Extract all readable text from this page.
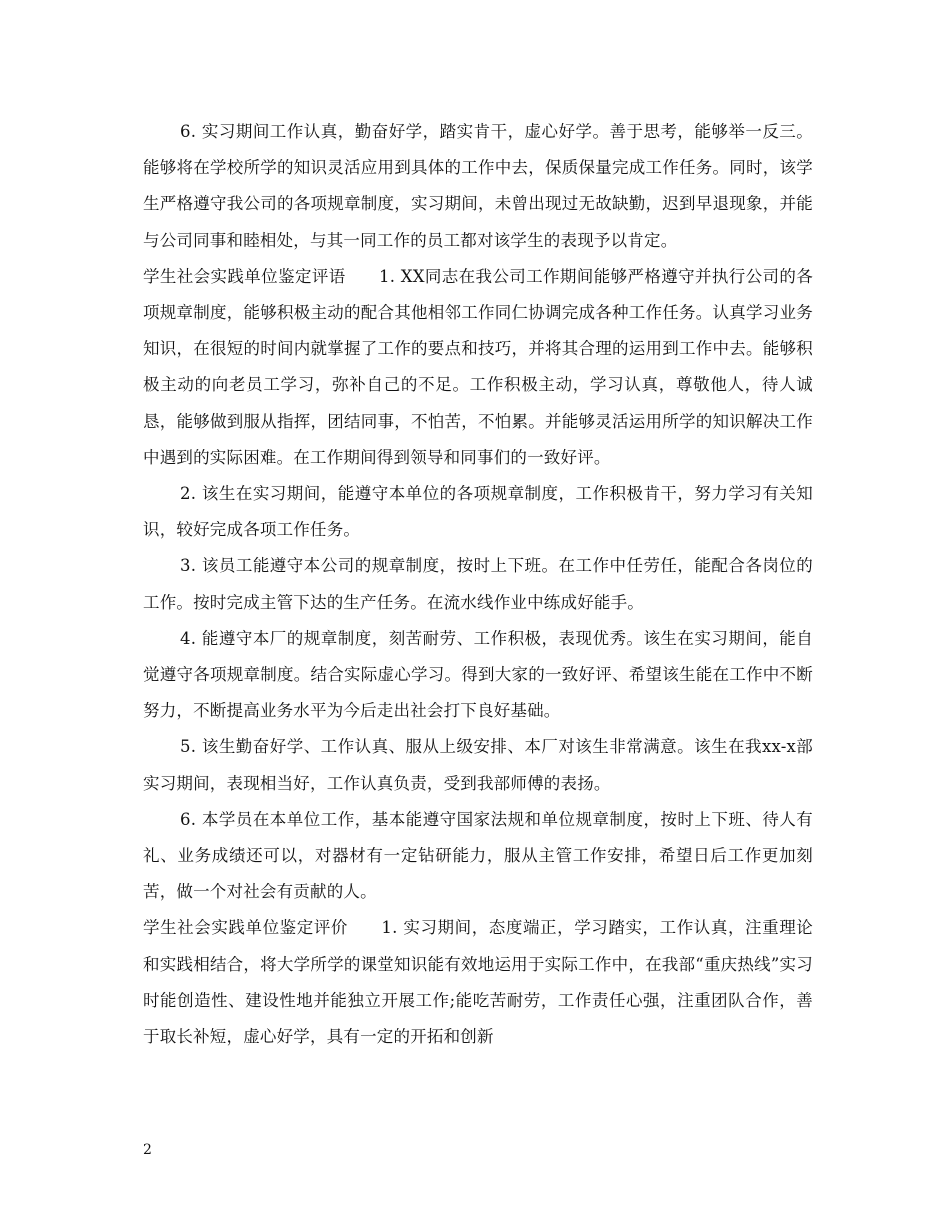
6. 实习期间工作认真，勤奋好学，踏实肯干，虚心好学。善于思考，能够举一反三。能够将在学校所学的知识灵活应用到具体的工作中去，保质保量完成工作任务。同时，该学生严格遵守我公司的各项规章制度，实习期间，未曾出现过无故缺勤，迟到早退现象，并能与公司同事和睦相处，与其一同工作的员工都对该学生的表现予以肯定。

学生社会实践单位鉴定评语   1. XX同志在我公司工作期间能够严格遵守并执行公司的各项规章制度，能够积极主动的配合其他相邻工作同仁协调完成各种工作任务。认真学习业务知识，在很短的时间内就掌握了工作的要点和技巧，并将其合理的运用到工作中去。能够积极主动的向老员工学习，弥补自己的不足。工作积极主动，学习认真，尊敬他人，待人诚恳，能够做到服从指挥，团结同事，不怕苦，不怕累。并能够灵活运用所学的知识解决工作中遇到的实际困难。在工作期间得到领导和同事们的一致好评。

2. 该生在实习期间，能遵守本单位的各项规章制度，工作积极肯干，努力学习有关知识，较好完成各项工作任务。

3. 该员工能遵守本公司的规章制度，按时上下班。在工作中任劳任，能配合各岗位的工作。按时完成主管下达的生产任务。在流水线作业中练成好能手。

4. 能遵守本厂的规章制度，刻苦耐劳、工作积极，表现优秀。该生在实习期间，能自觉遵守各项规章制度。结合实际虚心学习。得到大家的一致好评、希望该生能在工作中不断努力，不断提高业务水平为今后走出社会打下良好基础。

5. 该生勤奋好学、工作认真、服从上级安排、本厂对该生非常满意。该生在我xx-x部实习期间，表现相当好，工作认真负责，受到我部师傅的表扬。

6. 本学员在本单位工作，基本能遵守国家法规和单位规章制度，按时上下班、待人有礼、业务成绩还可以，对器材有一定钻研能力，服从主管工作安排，希望日后工作更加刻苦，做一个对社会有贡献的人。

学生社会实践单位鉴定评价   1. 实习期间，态度端正，学习踏实，工作认真，注重理论和实践相结合，将大学所学的课堂知识能有效地运用于实际工作中，在我部“重庆热线”实习时能创造性、建设性地并能独立开展工作;能吃苦耐劳，工作责任心强，注重团队合作，善于取长补短，虚心好学，具有一定的开拓和创新

2
